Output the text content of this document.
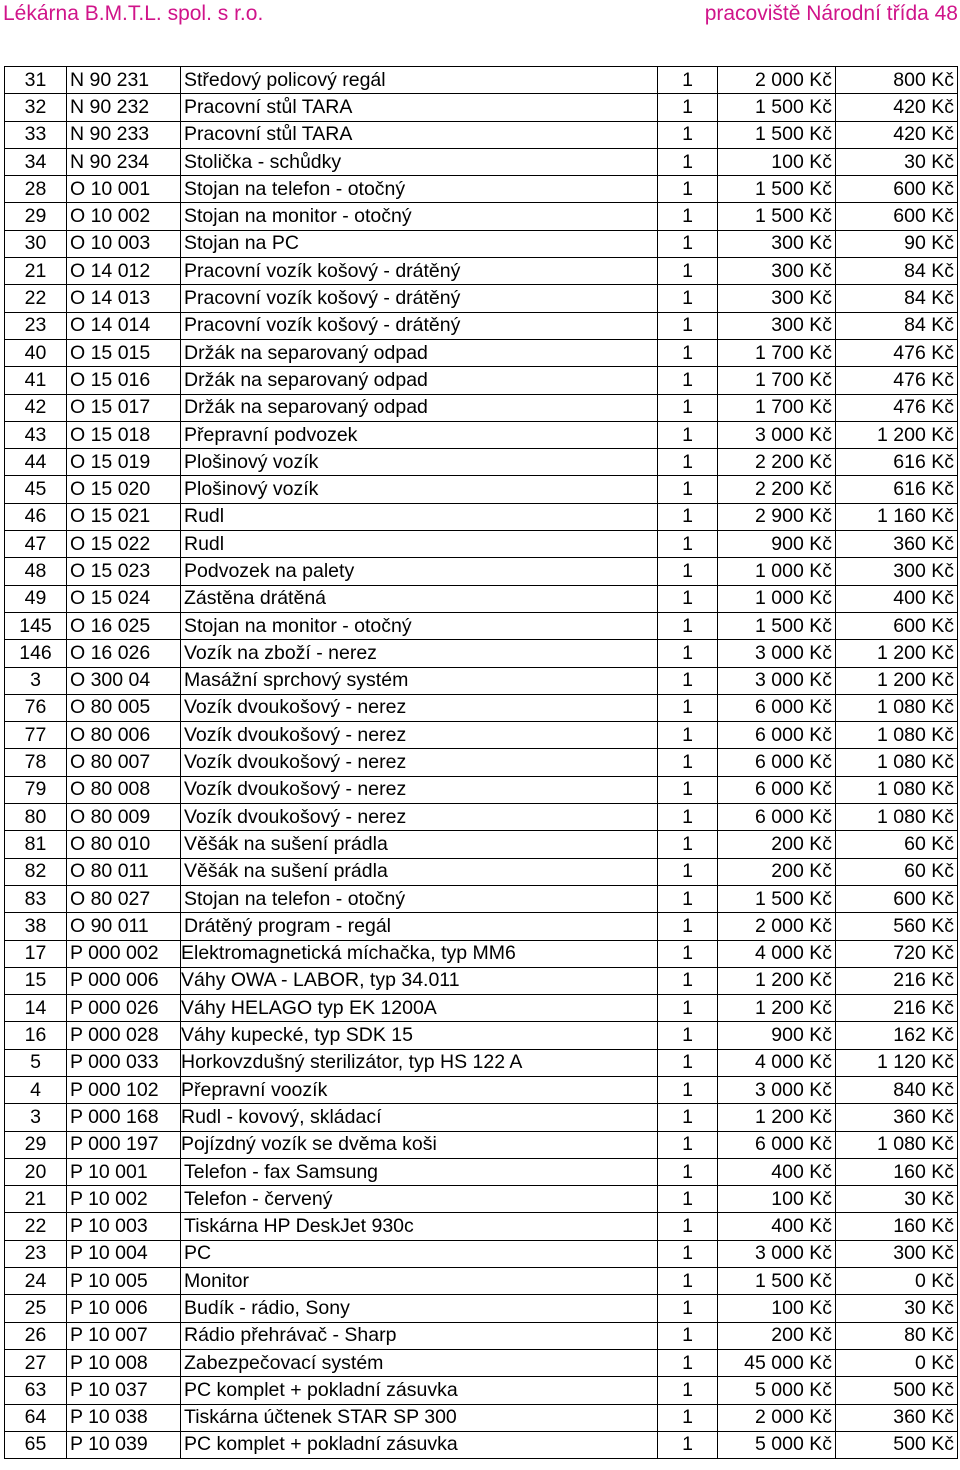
Lékárna B.M.T.L. spol. s r.o.	pracoviště Národní třída 48
31	N 90 231	Středový policový regál	1	2 000 Kč	800 Kč
32	N 90 232	Pracovní stůl TARA	1	1 500 Kč	420 Kč
33	N 90 233	Pracovní stůl TARA	1	1 500 Kč	420 Kč
34	N 90 234	Stolička - schůdky	1	100 Kč	30 Kč
28	O 10 001	Stojan na telefon - otočný	1	1 500 Kč	600 Kč
29	O 10 002	Stojan na monitor - otočný	1	1 500 Kč	600 Kč
30	O 10 003	Stojan na PC	1	300 Kč	90 Kč
21	O 14 012	Pracovní vozík košový - drátěný	1	300 Kč	84 Kč
22	O 14 013	Pracovní vozík košový - drátěný	1	300 Kč	84 Kč
23	O 14 014	Pracovní vozík košový - drátěný	1	300 Kč	84 Kč
40	O 15 015	Držák na separovaný odpad	1	1 700 Kč	476 Kč
41	O 15 016	Držák na separovaný odpad	1	1 700 Kč	476 Kč
42	O 15 017	Držák na separovaný odpad	1	1 700 Kč	476 Kč
43	O 15 018	Přepravní podvozek	1	3 000 Kč	1 200 Kč
44	O 15 019	Plošinový vozík	1	2 200 Kč	616 Kč
45	O 15 020	Plošinový vozík	1	2 200 Kč	616 Kč
46	O 15 021	Rudl	1	2 900 Kč	1 160 Kč
47	O 15 022	Rudl	1	900 Kč	360 Kč
48	O 15 023	Podvozek na palety	1	1 000 Kč	300 Kč
49	O 15 024	Zástěna drátěná	1	1 000 Kč	400 Kč
145	O 16 025	Stojan na monitor - otočný	1	1 500 Kč	600 Kč
146	O 16 026	Vozík na zboží - nerez	1	3 000 Kč	1 200 Kč
3	O 300 04	Masážní sprchový systém	1	3 000 Kč	1 200 Kč
76	O 80 005	Vozík dvoukošový - nerez	1	6 000 Kč	1 080 Kč
77	O 80 006	Vozík dvoukošový - nerez	1	6 000 Kč	1 080 Kč
78	O 80 007	Vozík dvoukošový - nerez	1	6 000 Kč	1 080 Kč
79	O 80 008	Vozík dvoukošový - nerez	1	6 000 Kč	1 080 Kč
80	O 80 009	Vozík dvoukošový - nerez	1	6 000 Kč	1 080 Kč
81	O 80 010	Věšák na sušení prádla	1	200 Kč	60 Kč
82	O 80 011	Věšák na sušení prádla	1	200 Kč	60 Kč
83	O 80 027	Stojan na telefon - otočný	1	1 500 Kč	600 Kč
38	O 90 011	Drátěný program - regál	1	2 000 Kč	560 Kč
17	P 000 002	Elektromagnetická míchačka, typ MM6	1	4 000 Kč	720 Kč
15	P 000 006	Váhy OWA - LABOR, typ 34.011	1	1 200 Kč	216 Kč
14	P 000 026	Váhy HELAGO typ EK 1200A	1	1 200 Kč	216 Kč
16	P 000 028	Váhy kupecké, typ SDK 15	1	900 Kč	162 Kč
5	P 000 033	Horkovzdušný sterilizátor, typ HS 122 A	1	4 000 Kč	1 120 Kč
4	P 000 102	Přepravní voozík	1	3 000 Kč	840 Kč
3	P 000 168	Rudl - kovový, skládací	1	1 200 Kč	360 Kč
29	P 000 197	Pojízdný vozík se dvěma koši	1	6 000 Kč	1 080 Kč
20	P 10 001	Telefon - fax Samsung	1	400 Kč	160 Kč
21	P 10 002	Telefon - červený	1	100 Kč	30 Kč
22	P 10 003	Tiskárna HP DeskJet 930c	1	400 Kč	160 Kč
23	P 10 004	PC	1	3 000 Kč	300 Kč
24	P 10 005	Monitor	1	1 500 Kč	0 Kč
25	P 10 006	Budík - rádio, Sony	1	100 Kč	30 Kč
26	P 10 007	Rádio přehrávač - Sharp	1	200 Kč	80 Kč
27	P 10 008	Zabezpečovací systém	1	45 000 Kč	0 Kč
63	P 10 037	PC komplet + pokladní zásuvka	1	5 000 Kč	500 Kč
64	P 10 038	Tiskárna účtenek STAR SP 300	1	2 000 Kč	360 Kč
65	P 10 039	PC komplet + pokladní zásuvka	1	5 000 Kč	500 Kč
